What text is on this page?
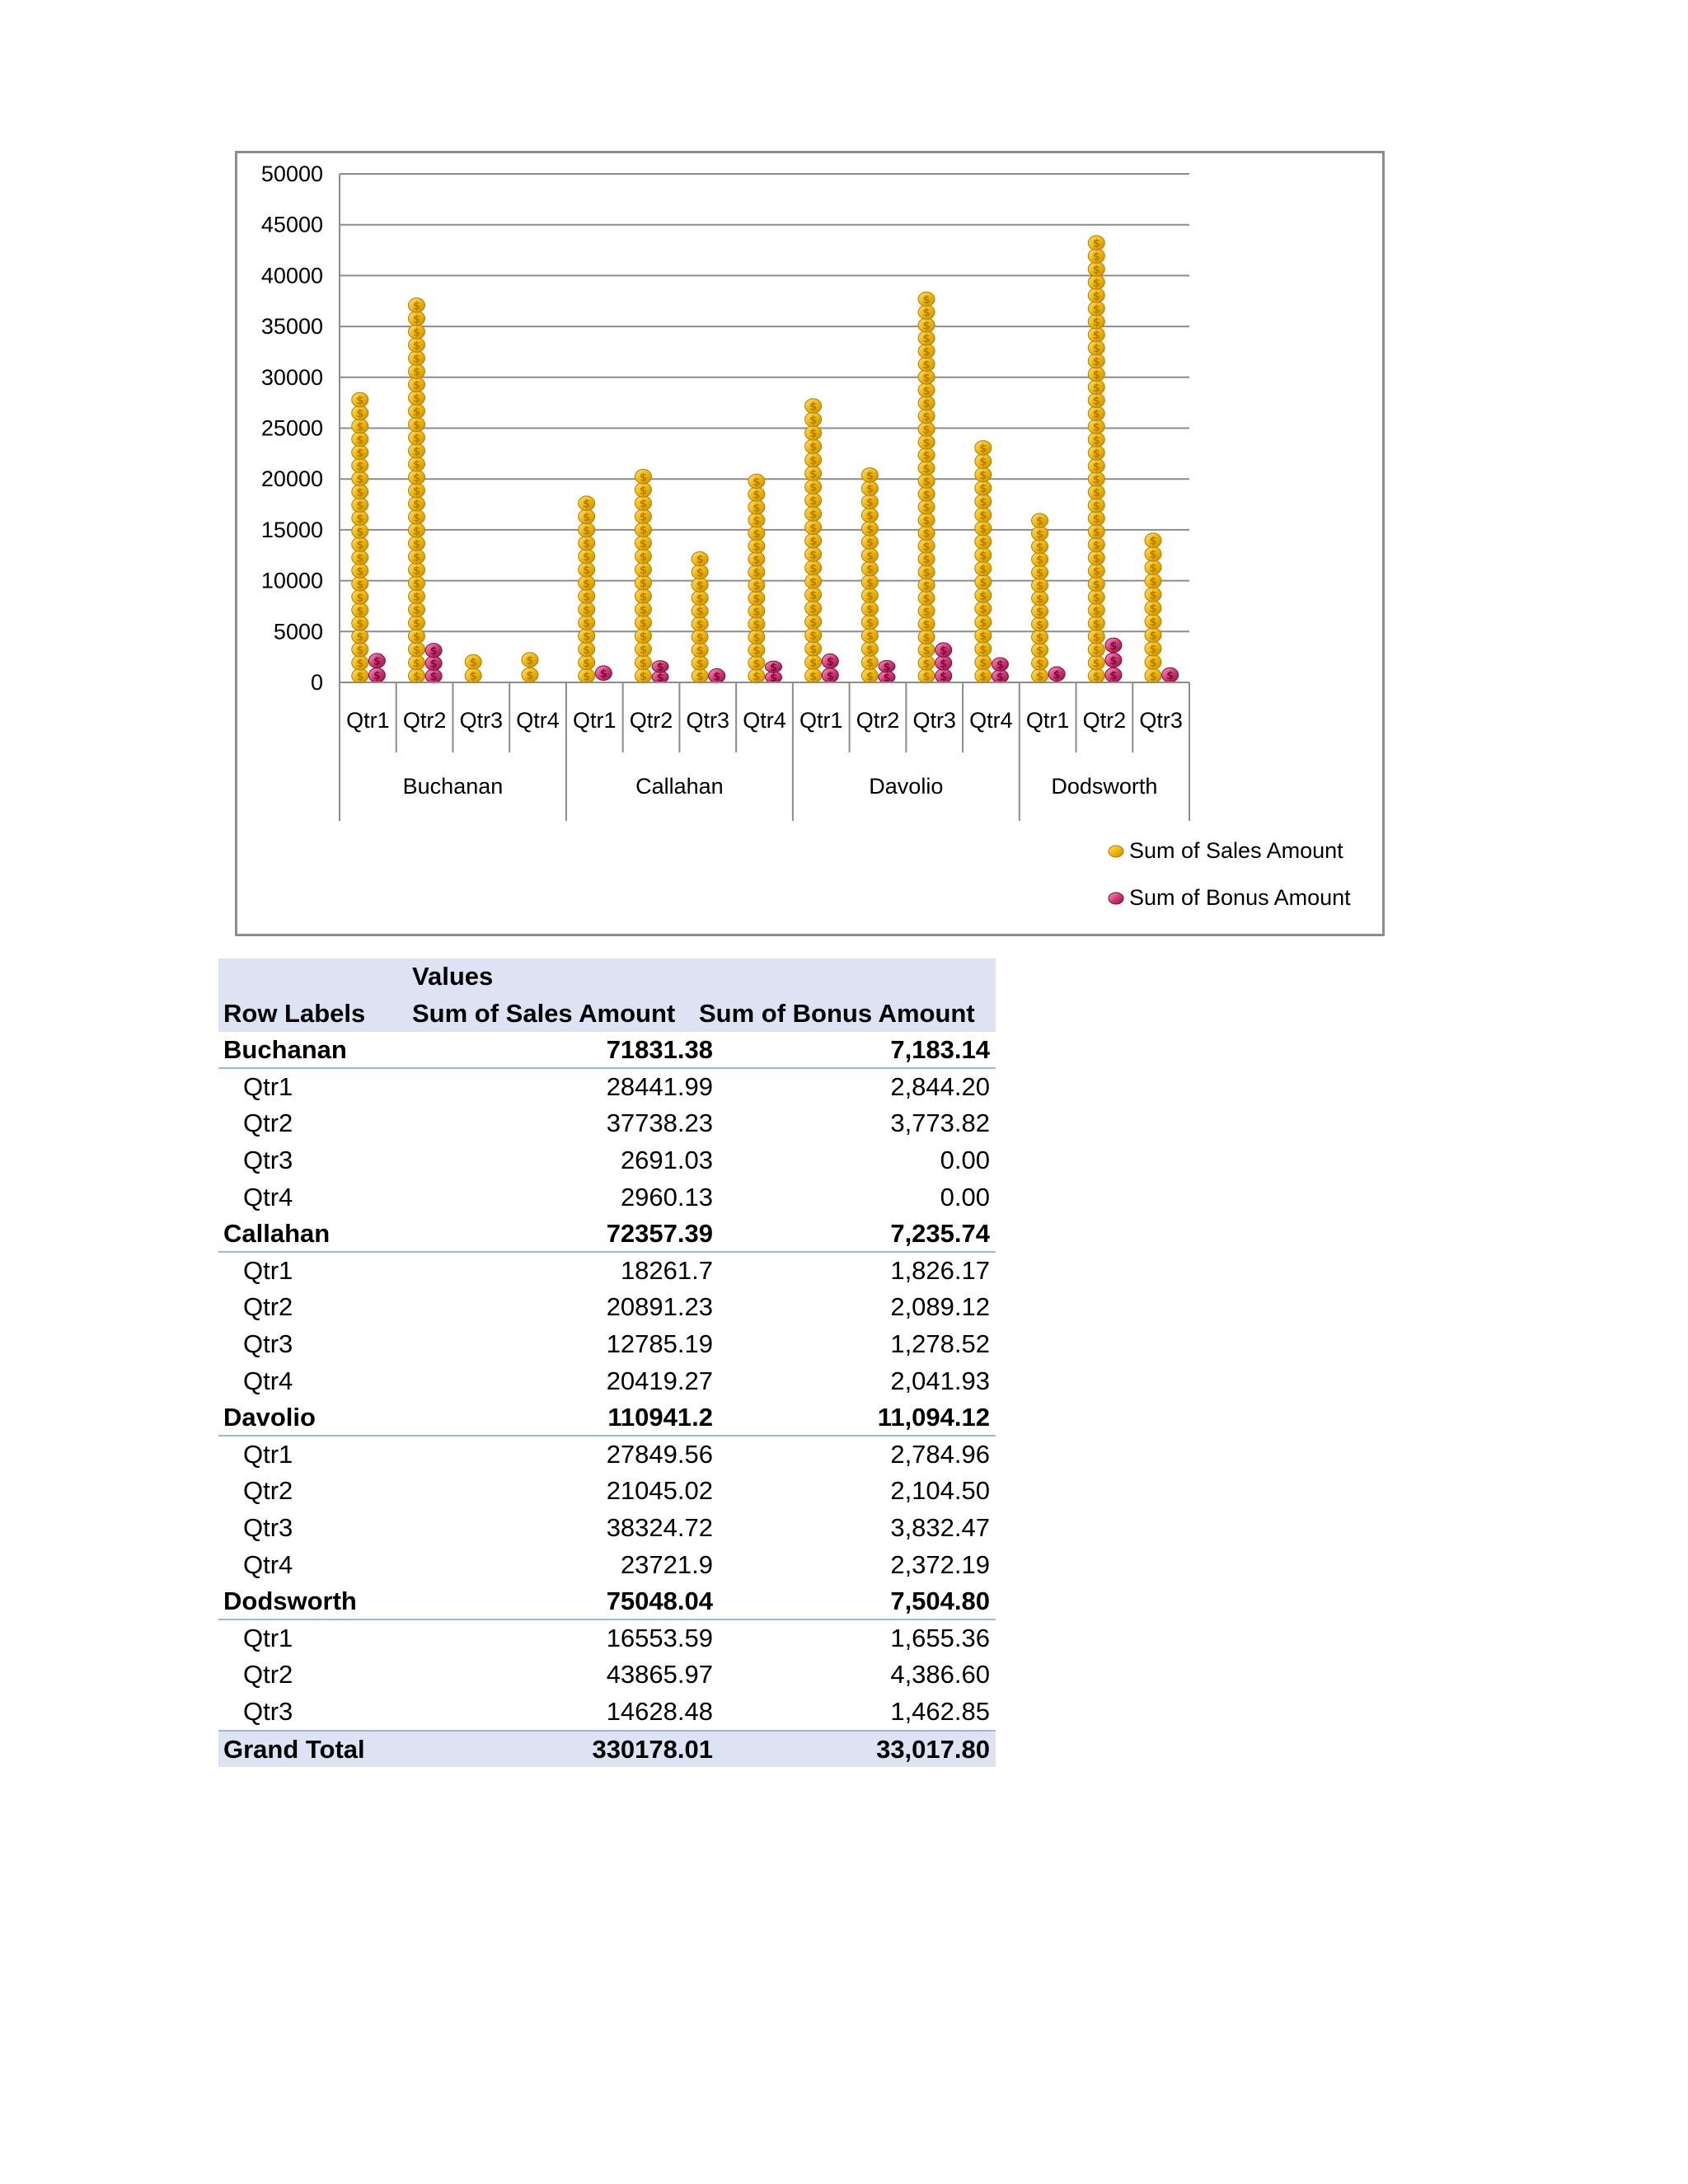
$
$
$
$
$
$
$
$
$
$
$
$
$
$
$
$
$
$
$
$
$
$
$
$
$
$
$
$
$
$
$
$
$
$
$
$
$
$
$
$
$
$
$
$
$
$
$
$
$
$
$
$
$
$
$
$
$
$
$
$
$
$
$
$
$
$
$
$
$
$
$
$
$
$
$	$
$
$
$
$
$
$
$
$
$
$
$
$
$
$
$
$
$
$
$
$
$
$
$
$
$
$
$
$	$
$
$
$
$
$
$
$
$
$
$
$
$
$
$
$
$
$
$
$
$
$
$
$
$
$
$
$
$
$
$
$
$
$
$
$
$
$
$
$
$
$
$
$
$
$
$
$
$
$
$
$
$
$
$
$
$
$
$
$
$
$
$
$
$
$
$
$
$
$
$
$
$
$
$
$
$
$
$
$
$
$
$
$
$
$
$
$
$
$
$
$
$
$
$
$
$
$
$
$
$
$
$
$
$
$
$
$
$
$
$
$
$
$
$
$
$
$
$
$
$
$
$
$
$
$	$
$
$
$
$
$
$
$
$
$
$
$
$
$
$
$
$
$
$
$
$
$
$
$
$
$
$
$
$
$
$
$
$
$
$
$
$
$
$
$
$
$
$
$
$
$
$
$
$
0
5000
10000
15000
20000
25000
30000
35000
40000
45000
50000
Qtr1 Qtr2 Qtr3 Qtr4
Buchanan
Qtr1 Qtr2 Qtr3 Qtr4
Callahan
Qtr1 Qtr2 Qtr3 Qtr4
Davolio
Qtr1 Qtr2 Qtr3
Dodsworth
Sum of Sales Amount
Sum of Bonus Amount
Values
Row Labels Sum of Sales Amount Sum of Bonus Amount
Buchanan	71831.38	7,183.14
Qtr1	28441.99	2,844.20
Qtr2	37738.23	3,773.82
Qtr3	2691.03	0.00
Qtr4	2960.13	0.00
Callahan	72357.39	7,235.74
Qtr1	18261.7	1,826.17
Qtr2	20891.23	2,089.12
Qtr3	12785.19	1,278.52
Qtr4	20419.27	2,041.93
Davolio	110941.2	11,094.12
Qtr1	27849.56	2,784.96
Qtr2	21045.02	2,104.50
Qtr3	38324.72	3,832.47
Qtr4	23721.9	2,372.19
Dodsworth	75048.04	7,504.80
Qtr1	16553.59	1,655.36
Qtr2	43865.97	4,386.60
Qtr3	14628.48	1,462.85
Grand Total	330178.01	33,017.80
